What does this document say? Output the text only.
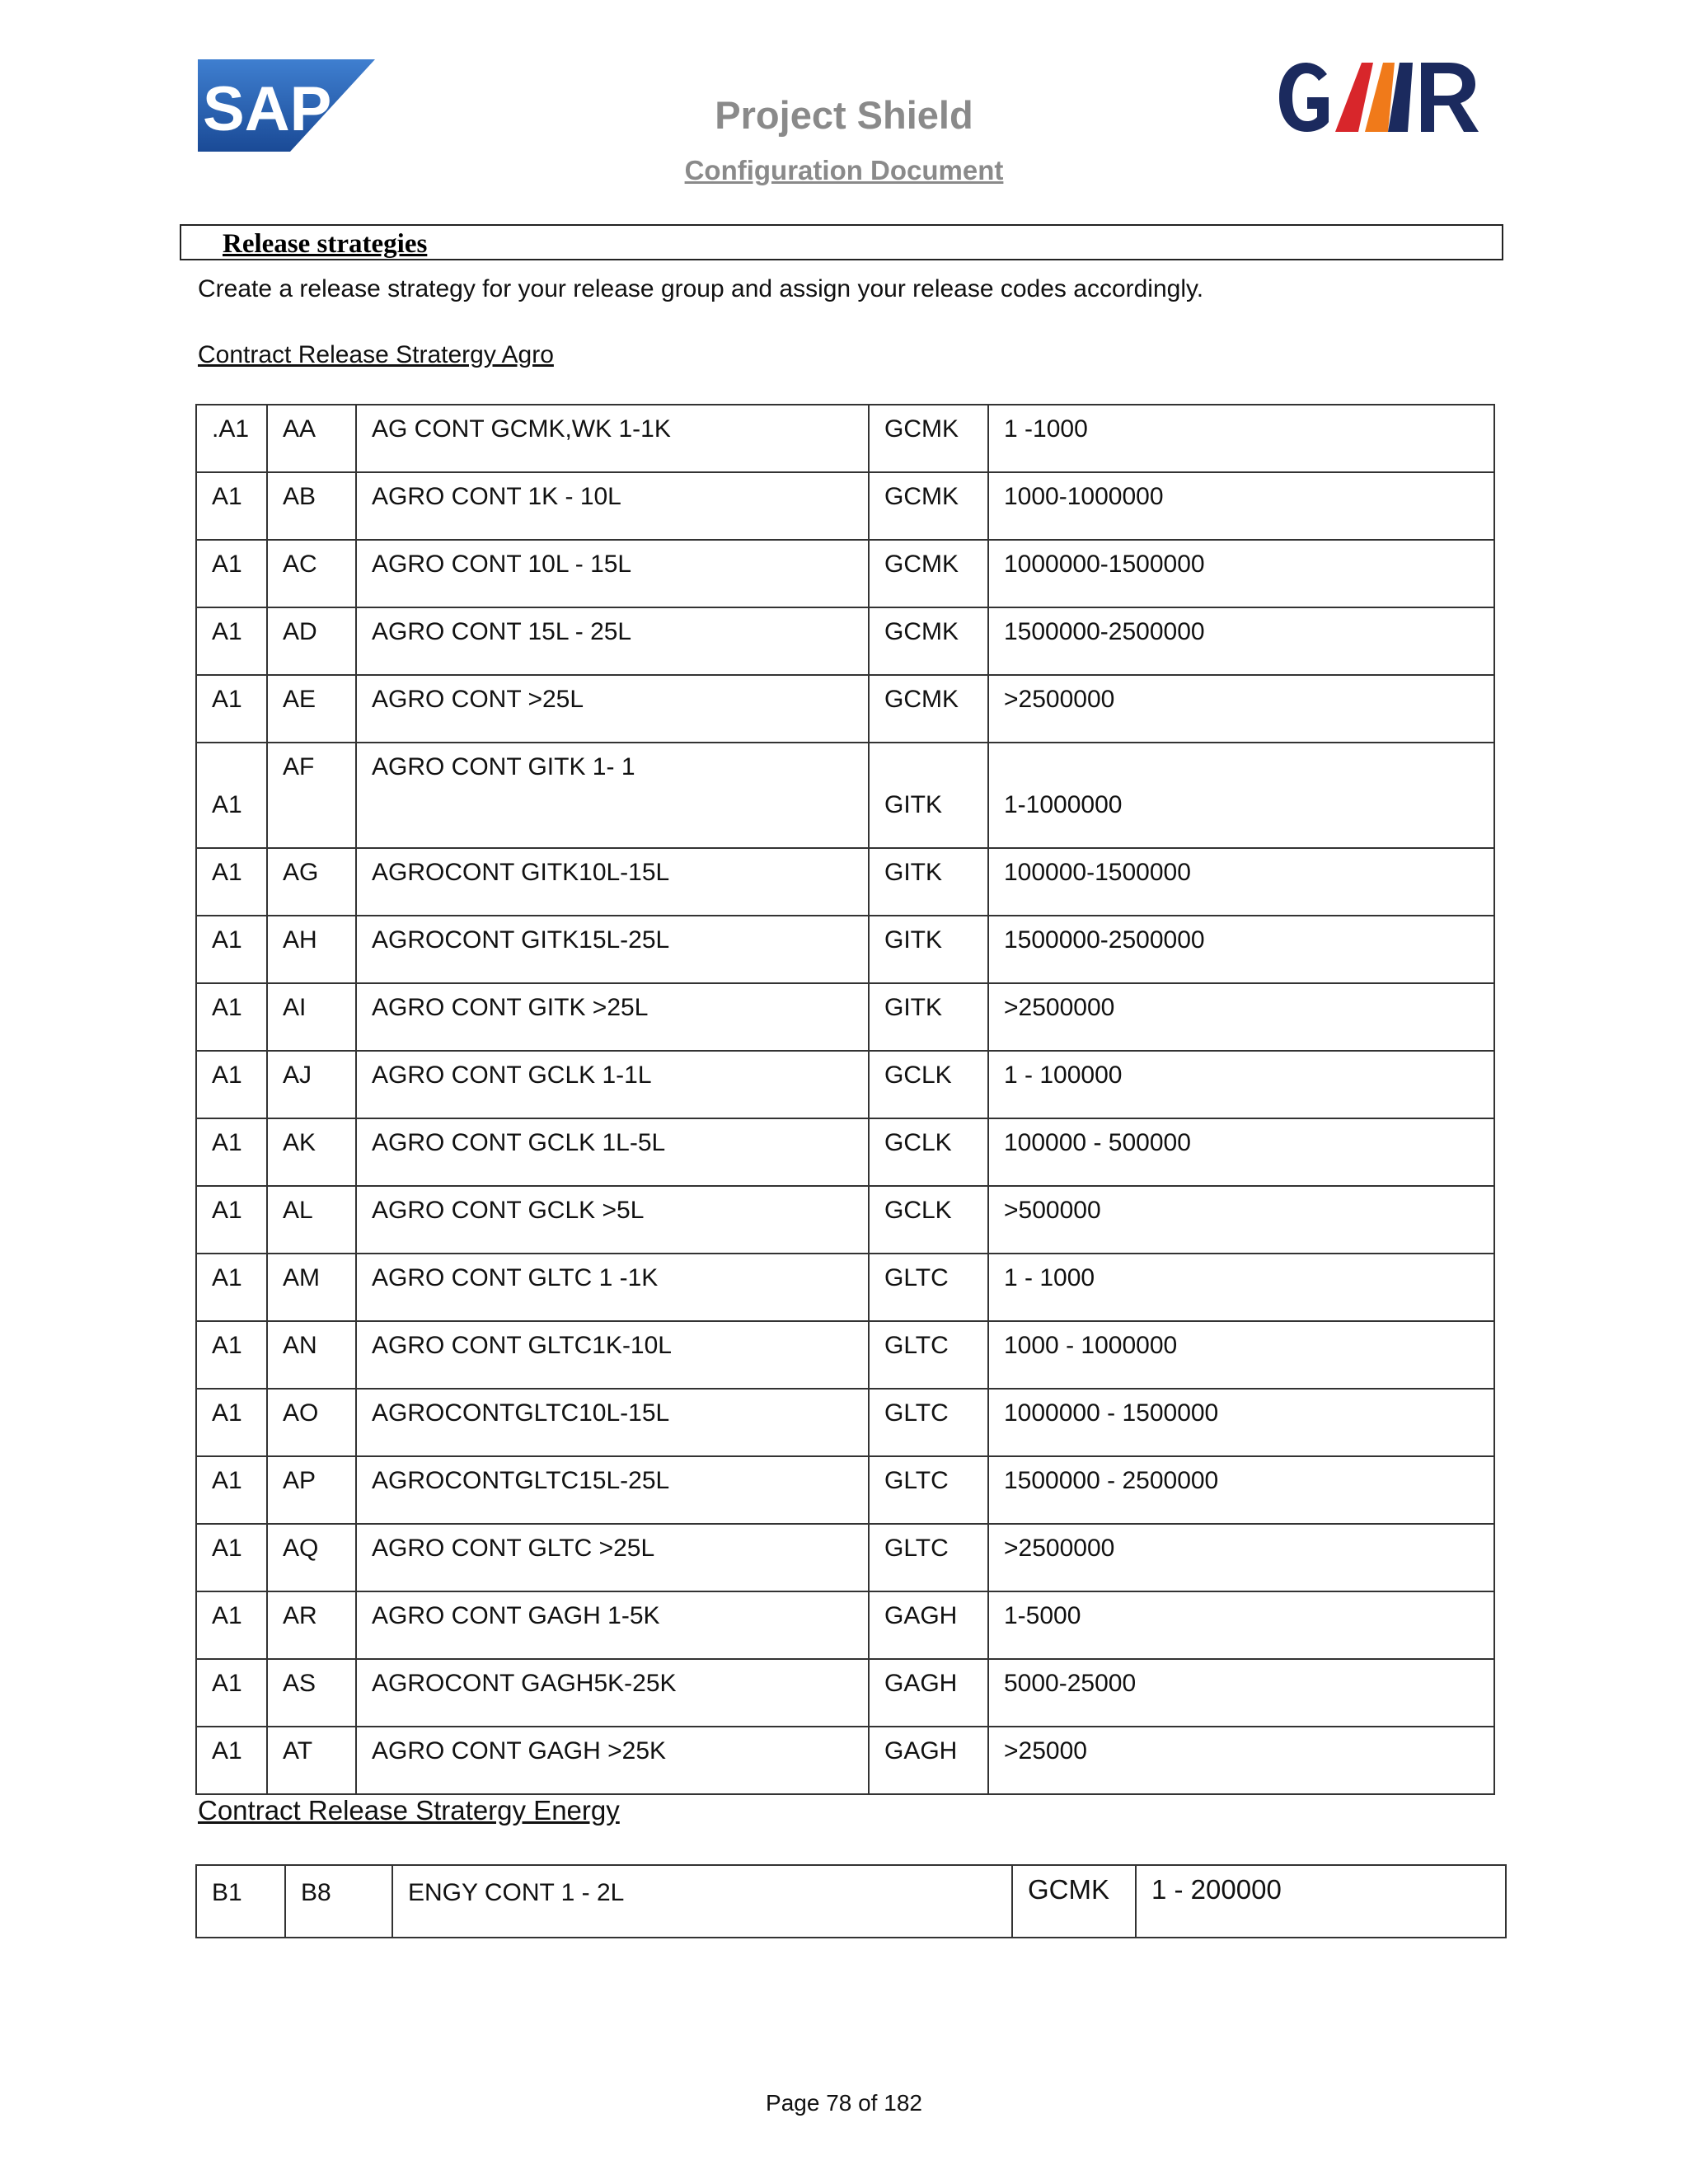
SAP	Project Shield
Configuration Document
Release strategies
Create a release strategy for your release group and assign your release codes accordingly.
Contract Release Stratergy Agro
.A1	AA	AG CONT GCMK,WK 1-1K	GCMK	1 -1000
A1	AB	AGRO CONT 1K - 10L	GCMK	1000-1000000
A1	AC	AGRO CONT 10L - 15L	GCMK	1000000-1500000
A1	AD	AGRO CONT 15L - 25L	GCMK	1500000-2500000
A1	AE	AGRO CONT >25L	GCMK	>2500000

A1	AF	AGRO CONT GITK 1- 1	GITK	1-1000000

A1	AG	AGROCONT GITK10L-15L	GITK	100000-1500000
A1	AH	AGROCONT GITK15L-25L	GITK	1500000-2500000
A1	AI	AGRO CONT GITK >25L	GITK	>2500000
A1	AJ	AGRO CONT GCLK 1-1L	GCLK	1 - 100000
A1	AK	AGRO CONT GCLK 1L-5L	GCLK	100000 - 500000
A1	AL	AGRO CONT GCLK >5L	GCLK	>500000
A1	AM	AGRO CONT GLTC 1 -1K	GLTC	1 - 1000
A1	AN	AGRO CONT GLTC1K-10L	GLTC	1000 - 1000000
A1	AO	AGROCONTGLTC10L-15L	GLTC	1000000 - 1500000
A1	AP	AGROCONTGLTC15L-25L	GLTC	1500000 - 2500000
A1	AQ	AGRO CONT GLTC >25L	GLTC	>2500000
A1	AR	AGRO CONT GAGH 1-5K	GAGH	1-5000
A1	AS	AGROCONT GAGH5K-25K	GAGH	5000-25000
A1	AT	AGRO CONT GAGH >25K	GAGH	>25000
Contract Release Stratergy Energy
B1	B8	ENGY CONT 1 - 2L	GCMK	1 - 200000
Page 78 of 182
